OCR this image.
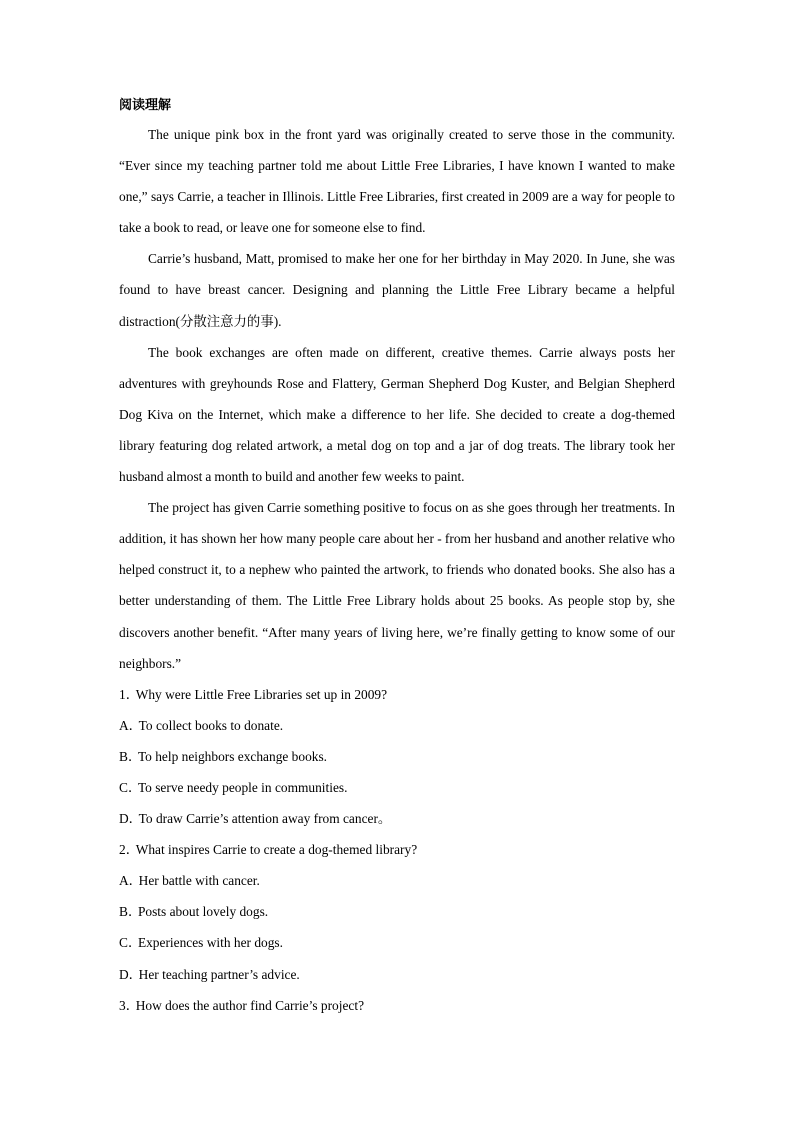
阅读理解

The unique pink box in the front yard was originally created to serve those in the community. “Ever since my teaching partner told me about Little Free Libraries, I have known I wanted to make one,” says Carrie, a teacher in Illinois. Little Free Libraries, first created in 2009 are a way for people to take a book to read, or leave one for someone else to find.

Carrie’s husband, Matt, promised to make her one for her birthday in May 2020. In June, she was found to have breast cancer. Designing and planning the Little Free Library became a helpful distraction(分散注意力的事).

The book exchanges are often made on different, creative themes. Carrie always posts her adventures with greyhounds Rose and Flattery, German Shepherd Dog Kuster, and Belgian Shepherd Dog Kiva on the Internet, which make a difference to her life. She decided to create a dog-themed library featuring dog related artwork, a metal dog on top and a jar of dog treats. The library took her husband almost a month to build and another few weeks to paint.

The project has given Carrie something positive to focus on as she goes through her treatments. In addition, it has shown her how many people care about her - from her husband and another relative who helped construct it, to a nephew who painted the artwork, to friends who donated books. She also has a better understanding of them. The Little Free Library holds about 25 books. As people stop by, she discovers another benefit. “After many years of living here, we’re finally getting to know some of our neighbors.”

1．Why were Little Free Libraries set up in 2009?

A．To collect books to donate.

B．To help neighbors exchange books.

C．To serve needy people in communities.

D．To draw Carrie’s attention away from cancer。

2．What inspires Carrie to create a dog-themed library?

A．Her battle with cancer.

B．Posts about lovely dogs.

C．Experiences with her dogs.

D．Her teaching partner’s advice.

3．How does the author find Carrie’s project?
